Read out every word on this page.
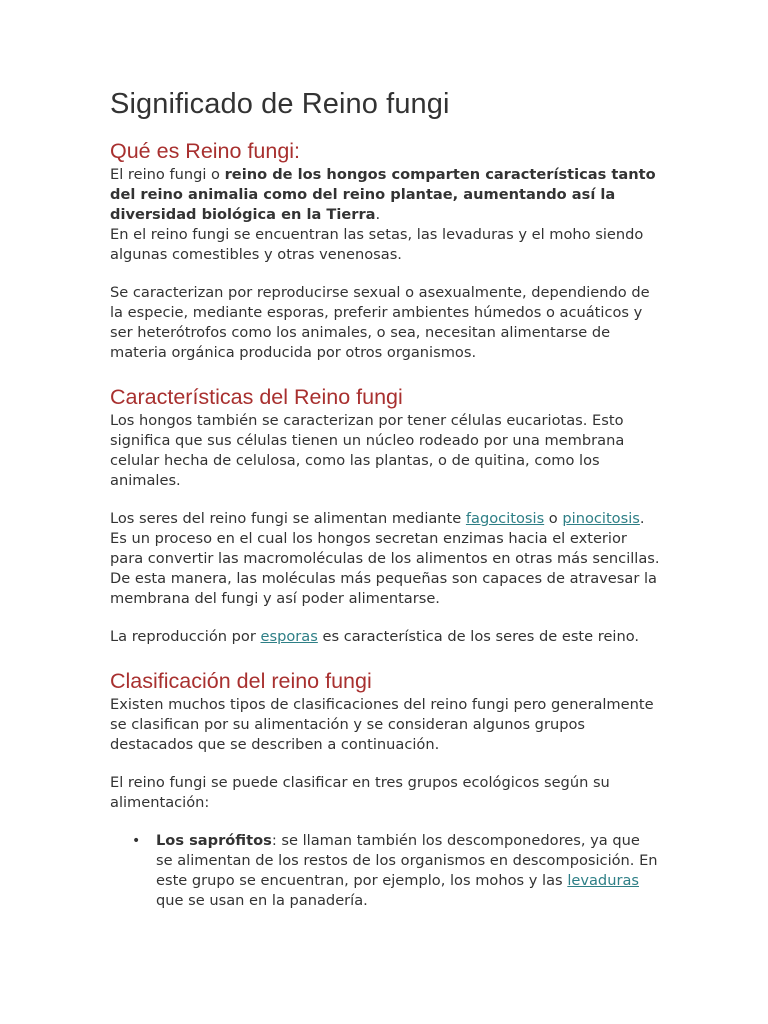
Significado de Reino fungi
Qué es Reino fungi:

El reino fungi o reino de los hongos comparten características tanto del reino animalia como del reino plantae, aumentando así la diversidad biológica en la Tierra.

En el reino fungi se encuentran las setas, las levaduras y el moho siendo algunas comestibles y otras venenosas.

Se caracterizan por reproducirse sexual o asexualmente, dependiendo de la especie, mediante esporas, preferir ambientes húmedos o acuáticos y ser heterótrofos como los animales, o sea, necesitan alimentarse de materia orgánica producida por otros organismos.

Características del Reino fungi

Los hongos también se caracterizan por tener células eucariotas. Esto significa que sus células tienen un núcleo rodeado por una membrana celular hecha de celulosa, como las plantas, o de quitina, como los animales.

Los seres del reino fungi se alimentan mediante fagocitosis o pinocitosis. Es un proceso en el cual los hongos secretan enzimas hacia el exterior para convertir las macromoléculas de los alimentos en otras más sencillas. De esta manera, las moléculas más pequeñas son capaces de atravesar la membrana del fungi y así poder alimentarse.

La reproducción por esporas es característica de los seres de este reino.

Clasificación del reino fungi

Existen muchos tipos de clasificaciones del reino fungi pero generalmente se clasifican por su alimentación y se consideran algunos grupos destacados que se describen a continuación.

El reino fungi se puede clasificar en tres grupos ecológicos según su alimentación:

• Los saprófitos: se llaman también los descomponedores, ya que se alimentan de los restos de los organismos en descomposición. En este grupo se encuentran, por ejemplo, los mohos y las levaduras que se usan en la panadería.
